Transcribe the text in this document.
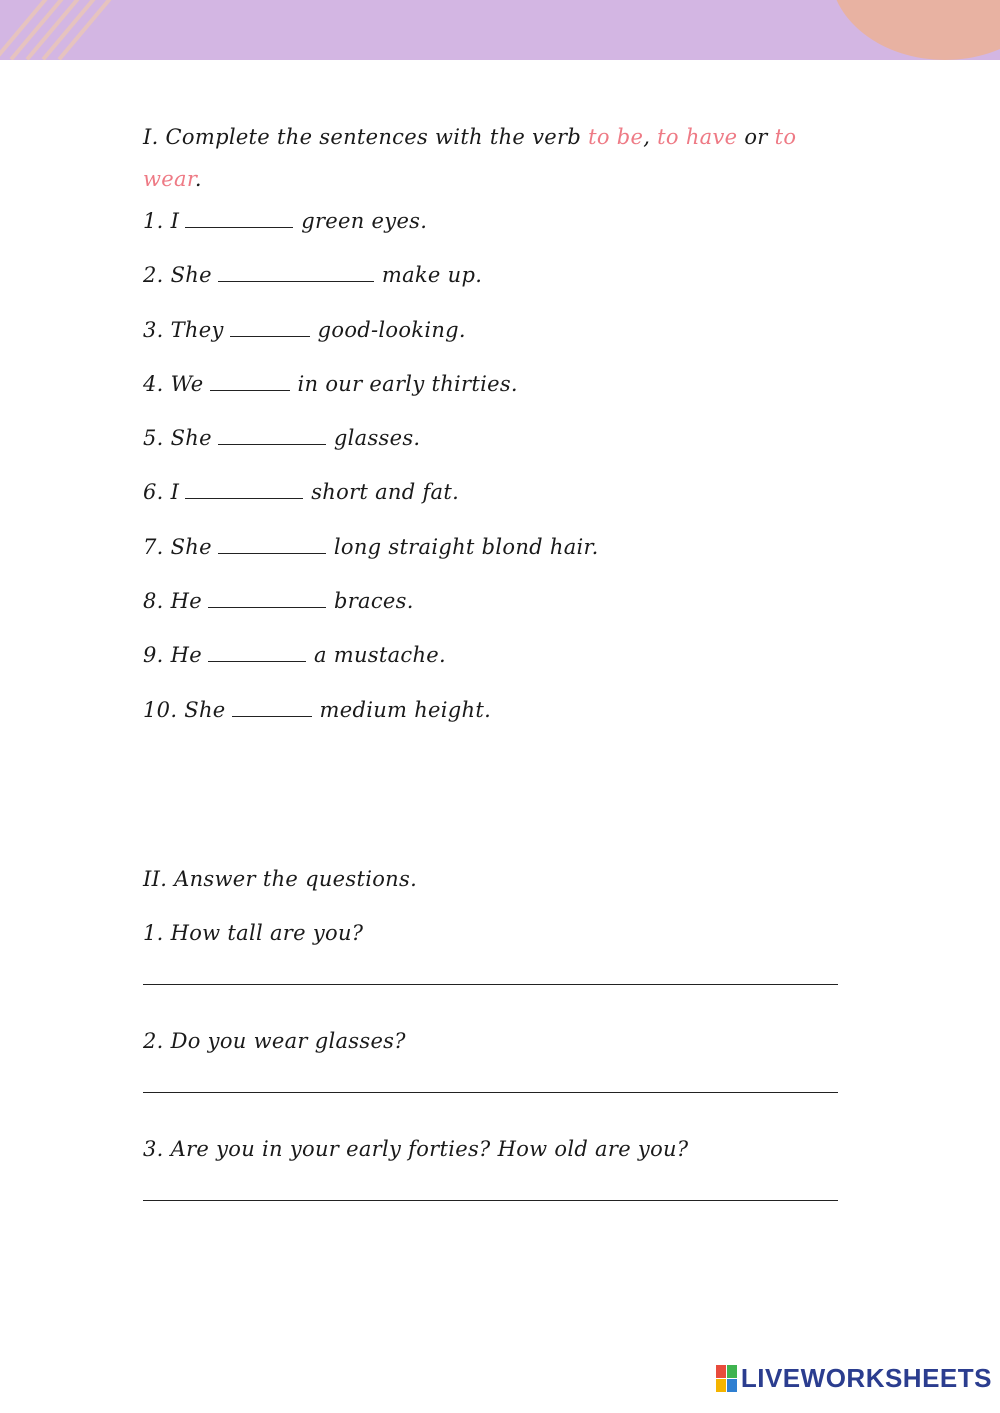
I. Complete the sentences with the verb to be, to have or to wear.

1. I	green eyes.

2. She	make up.

3. They	good-looking.

4. We	in our early thirties.

5. She	glasses.

6. I	short and fat.

7. She	long straight blond hair.

8. He	braces.

9. He	a mustache.

10. She	medium height.

II. Answer the questions.

1. How tall are you?

2. Do you wear glasses?

3. Are you in your early forties? How old are you?

LIVEWORKSHEETS
